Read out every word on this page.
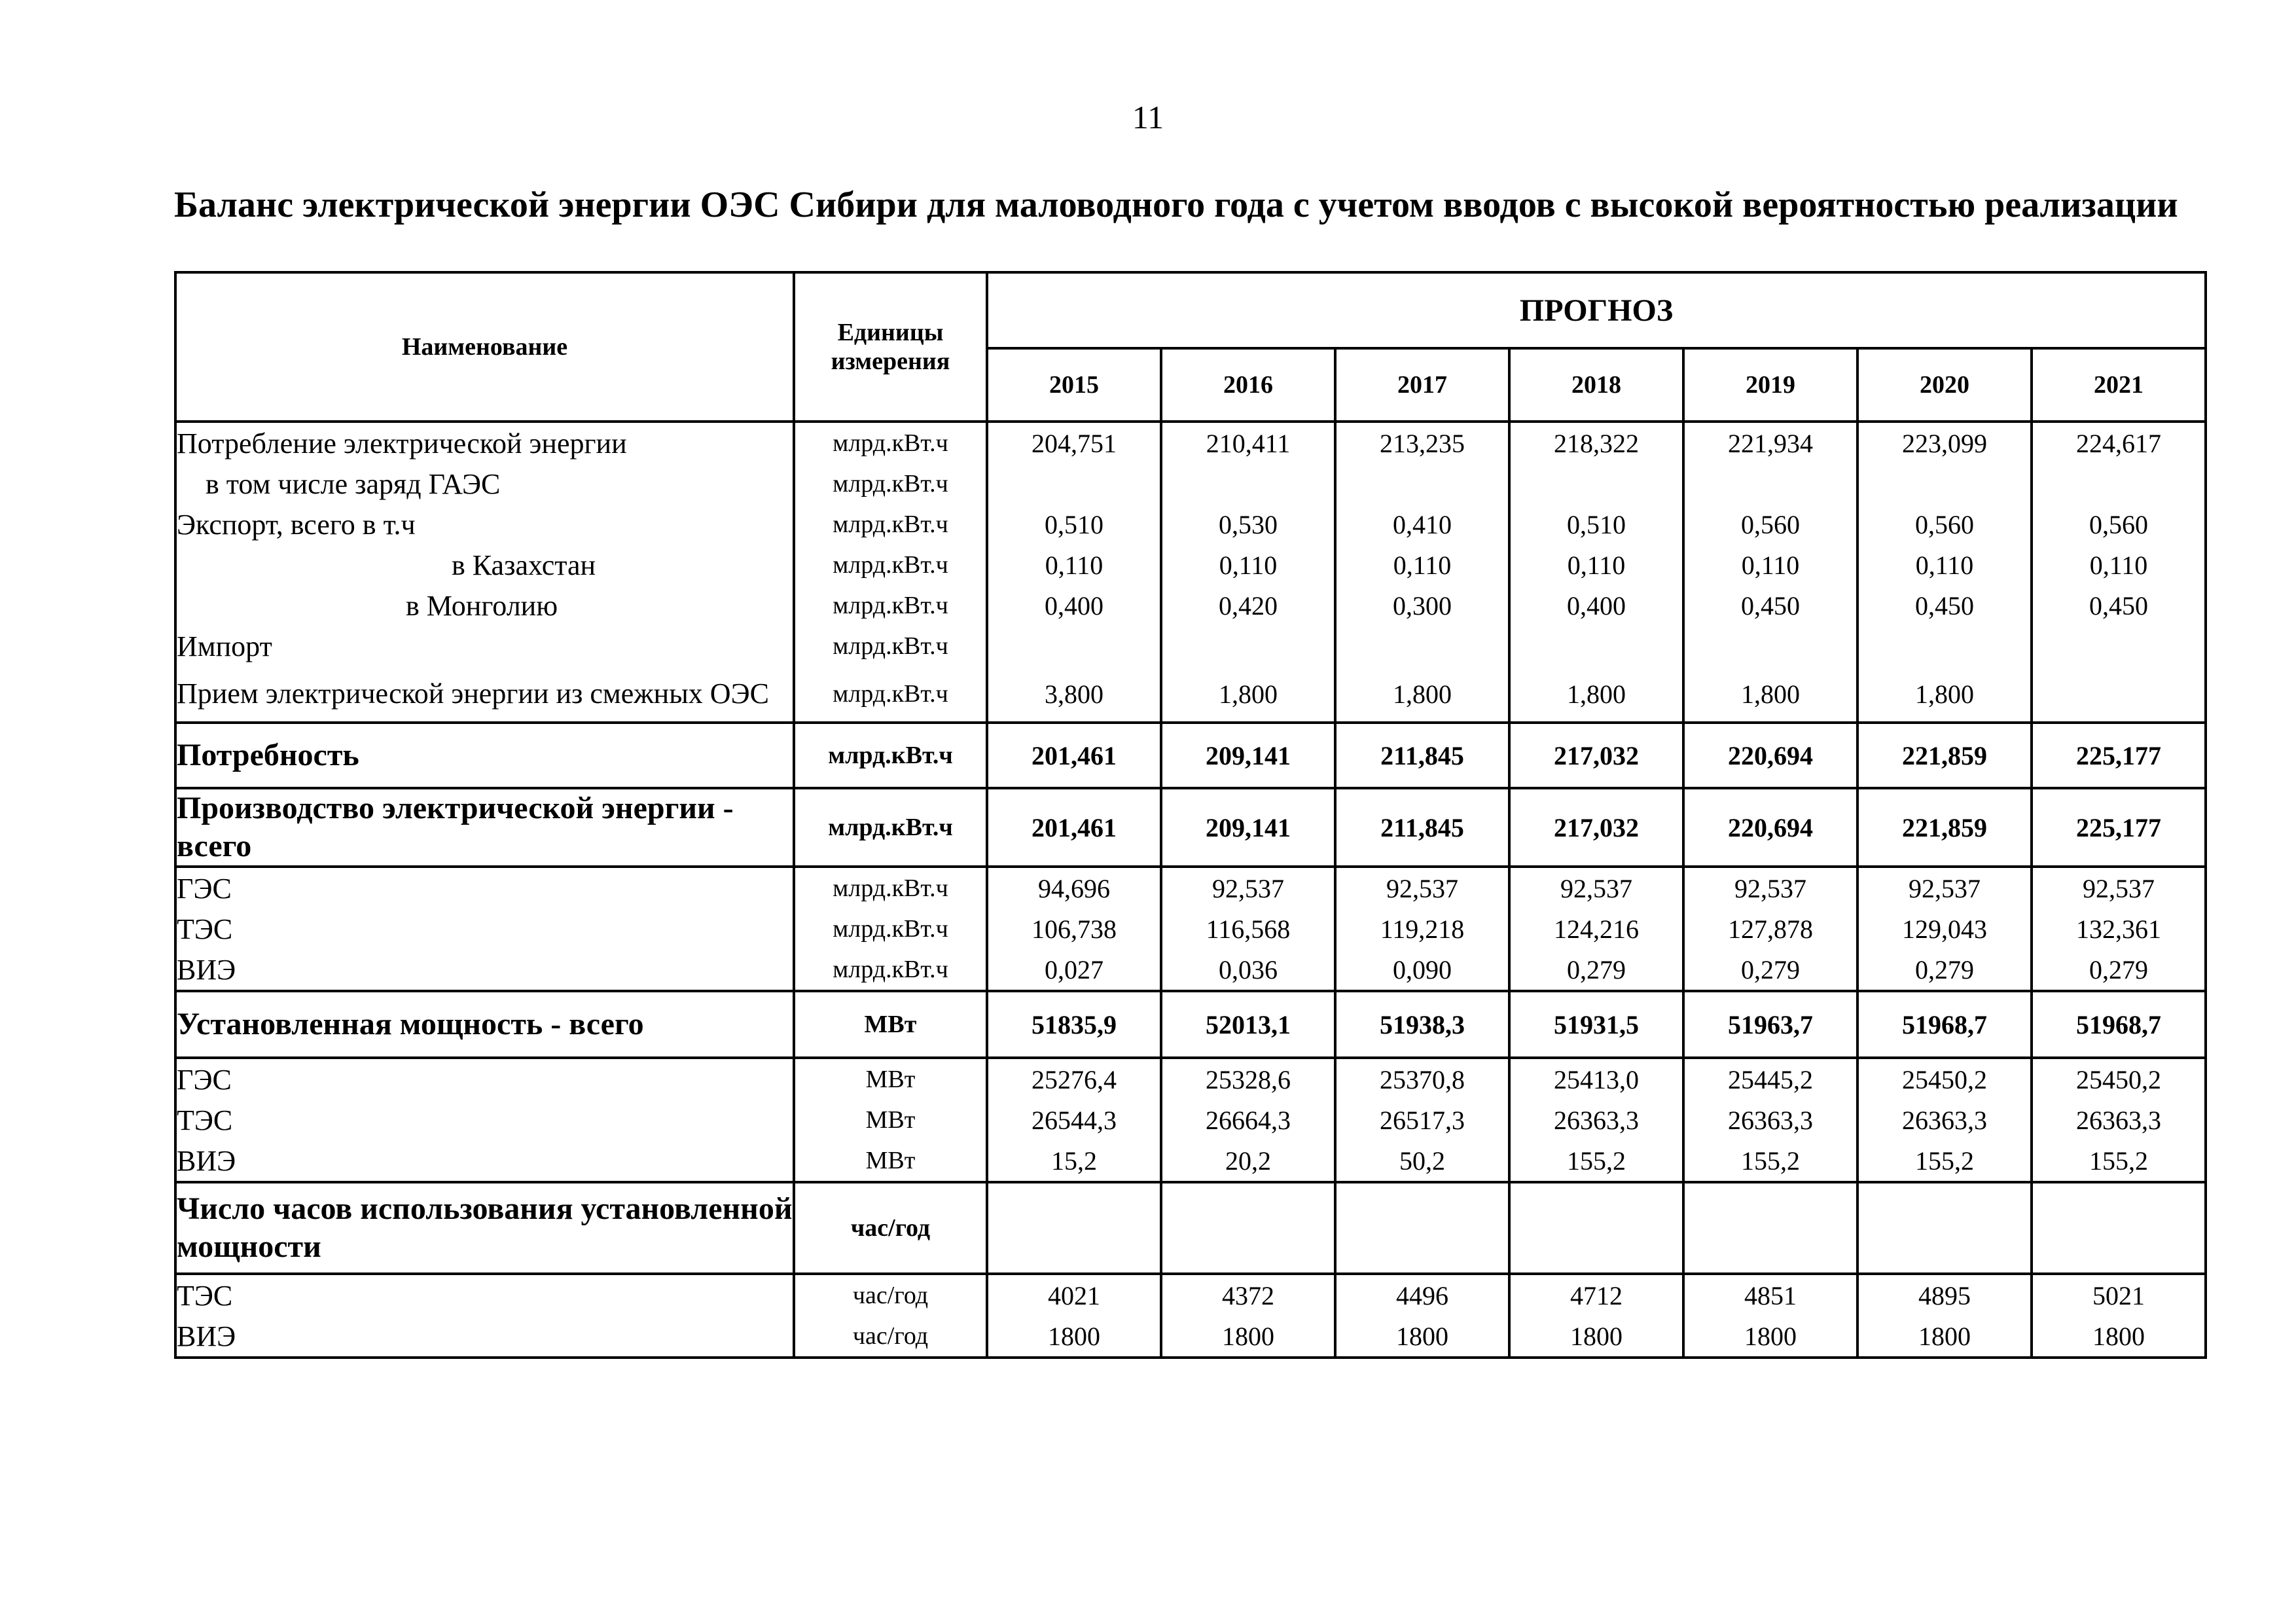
11
Баланс электрической энергии ОЭС Сибири для маловодного года с учетом вводов с высокой вероятностью реализации
Наименование	Единицы измерения	ПРОГНОЗ						
		2015	2016	2017	2018	2019	2020	2021
Потребление электрической энергии	млрд.кВт.ч	204,751	210,411	213,235	218,322	221,934	223,099	224,617
в том числе заряд ГАЭС	млрд.кВт.ч							
Экспорт, всего в т.ч	млрд.кВт.ч	0,510	0,530	0,410	0,510	0,560	0,560	0,560
в Казахстан	млрд.кВт.ч	0,110	0,110	0,110	0,110	0,110	0,110	0,110
в Монголию	млрд.кВт.ч	0,400	0,420	0,300	0,400	0,450	0,450	0,450
Импорт	млрд.кВт.ч							
Прием электрической энергии из смежных ОЭС	млрд.кВт.ч	3,800	1,800	1,800	1,800	1,800	1,800	
Потребность	млрд.кВт.ч	201,461	209,141	211,845	217,032	220,694	221,859	225,177
Производство электрической энергии - всего	млрд.кВт.ч	201,461	209,141	211,845	217,032	220,694	221,859	225,177
ГЭС	млрд.кВт.ч	94,696	92,537	92,537	92,537	92,537	92,537	92,537
ТЭС	млрд.кВт.ч	106,738	116,568	119,218	124,216	127,878	129,043	132,361
ВИЭ	млрд.кВт.ч	0,027	0,036	0,090	0,279	0,279	0,279	0,279
Установленная мощность - всего	МВт	51835,9	52013,1	51938,3	51931,5	51963,7	51968,7	51968,7
ГЭС	МВт	25276,4	25328,6	25370,8	25413,0	25445,2	25450,2	25450,2
ТЭС	МВт	26544,3	26664,3	26517,3	26363,3	26363,3	26363,3	26363,3
ВИЭ	МВт	15,2	20,2	50,2	155,2	155,2	155,2	155,2
Число часов использования установленной мощности	час/год							
ТЭС	час/год	4021	4372	4496	4712	4851	4895	5021
ВИЭ	час/год	1800	1800	1800	1800	1800	1800	1800
